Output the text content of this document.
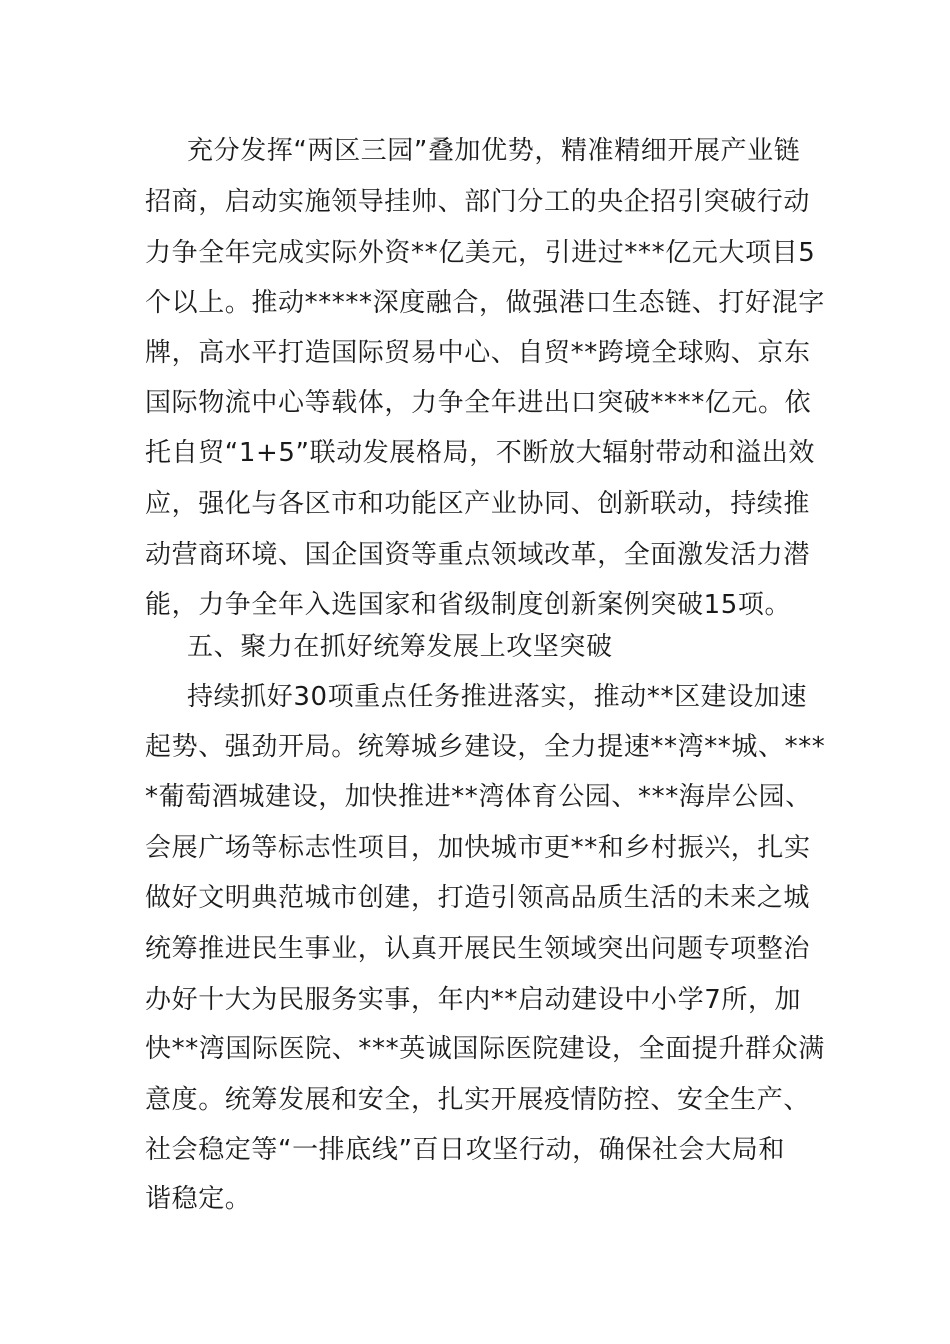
充分发挥“两区三园”叠加优势，精准精细开展产业链
招商，启动实施领导挂帅、部门分工的央企招引突破行动
力争全年完成实际外资**亿美元，引进过***亿元大项目5
个以上。推动*****深度融合，做强港口生态链、打好混字
牌，高水平打造国际贸易中心、自贸**跨境全球购、京东
国际物流中心等载体，力争全年进出口突破****亿元。依
托自贸“1+5”联动发展格局，不断放大辐射带动和溢出效
应，强化与各区市和功能区产业协同、创新联动，持续推
动营商环境、国企国资等重点领域改革，全面激发活力潜
能，力争全年入选国家和省级制度创新案例突破15项。
五、聚力在抓好统筹发展上攻坚突破
持续抓好30项重点任务推进落实，推动**区建设加速
起势、强劲开局。统筹城乡建设，全力提速**湾**城、***
*葡萄酒城建设，加快推进**湾体育公园、***海岸公园、
会展广场等标志性项目，加快城市更**和乡村振兴，扎实
做好文明典范城市创建，打造引领高品质生活的未来之城
统筹推进民生事业，认真开展民生领域突出问题专项整治
办好十大为民服务实事，年内**启动建设中小学7所，加
快**湾国际医院、***英诚国际医院建设，全面提升群众满
意度。统筹发展和安全，扎实开展疫情防控、安全生产、
社会稳定等“一排底线”百日攻坚行动，确保社会大局和
谐稳定。
